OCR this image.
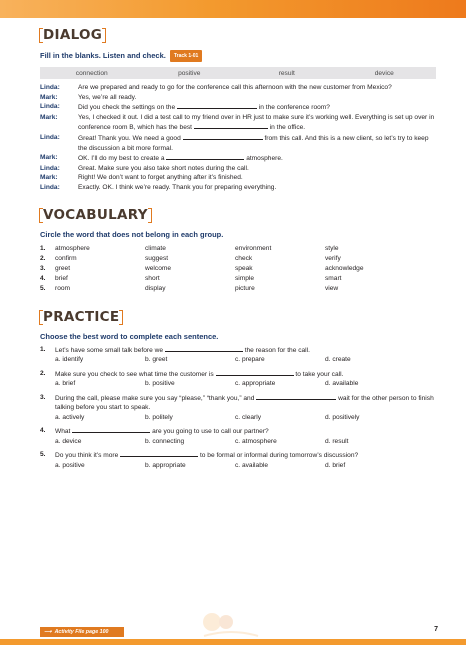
DIALOG
Fill in the blanks. Listen and check. Track 1-01
connection	positive	result	device
Linda:	Are we prepared and ready to go for the conference call this afternoon with the new customer from Mexico?
Mark:	Yes, we’re all ready.
Linda:	Did you check the settings on the	in the conference room?
Mark:	Yes, I checked it out. I did a test call to my friend over in HR just to make sure it’s working well. Everything is set up over in conference room B, which has the best	in the office.
Linda:	Great! Thank you. We need a good	from this call. And this is a new client, so let’s try to keep the discussion a bit more formal.
Mark:	OK. I’ll do my best to create a	atmosphere.
Linda:	Great. Make sure you also take short notes during the call.
Mark:	Right! We don’t want to forget anything after it’s finished.
Linda:	Exactly. OK. I think we’re ready. Thank you for preparing everything.
VOCABULARY
Circle the word that does not belong in each group.
1.	atmosphere	climate	environment	style
2.	confirm	suggest	check	verify
3.	greet	welcome	speak	acknowledge
4.	brief	short	simple	smart
5.	room	display	picture	view
PRACTICE
Choose the best word to complete each sentence.
1.	Let’s have some small talk before we	the reason for the call.
a. identify	b. greet	c. prepare	d. create
2.	Make sure you check to see what time the customer is	to take your call.
a. brief	b. positive	c. appropriate	d. available
3.	During the call, please make sure you say “please,” “thank you,” and	wait for the other person to finish talking before you start to speak.
a. actively	b. politely	c. clearly	d. positively
4.	What	are you going to use to call our partner?
a. device	b. connecting	c. atmosphere	d. result
5.	Do you think it’s more	to be formal or informal during tomorrow’s discussion?
a. positive	b. appropriate	c. available	d. brief
⟶ Activity File page 100	7
